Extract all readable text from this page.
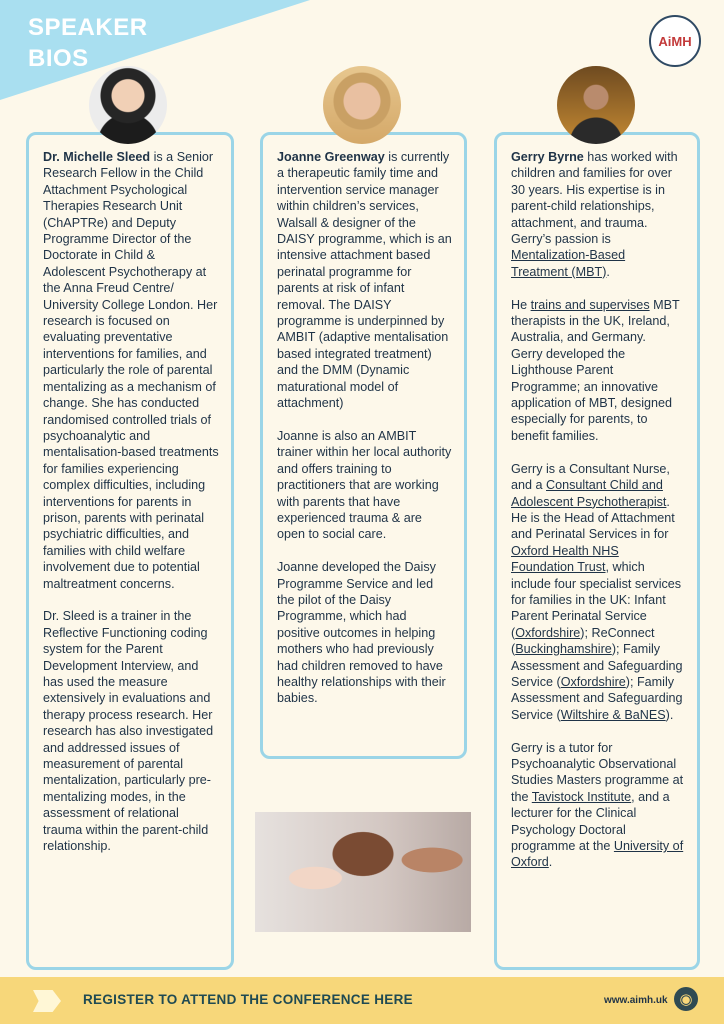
SPEAKER
BIOS
AiMH

Dr. Michelle Sleed is a Senior Research Fellow in the Child Attachment Psychological Therapies Research Unit (ChAPTRe) and Deputy Programme Director of the Doctorate in Child & Adolescent Psychotherapy at the Anna Freud Centre/ University College London. Her research is focused on evaluating preventative interventions for families, and particularly the role of parental mentalizing as a mechanism of change. She has conducted randomised controlled trials of psychoanalytic and mentalisation-based treatments for families experiencing complex difficulties, including interventions for parents in prison, parents with perinatal psychiatric difficulties, and families with child welfare involvement due to potential maltreatment concerns.

Dr. Sleed is a trainer in the Reflective Functioning coding system for the Parent Development Interview, and has used the measure extensively in evaluations and therapy process research. Her research has also investigated and addressed issues of measurement of parental mentalization, particularly pre-mentalizing modes, in the assessment of relational trauma within the parent-child relationship.

Joanne Greenway is currently a therapeutic family time and intervention service manager within children’s services, Walsall & designer of the DAISY programme, which is an intensive attachment based perinatal programme for parents at risk of infant removal. The DAISY programme is underpinned by AMBIT (adaptive mentalisation based integrated treatment) and the DMM (Dynamic maturational model of attachment)

Joanne is also an AMBIT trainer within her local authority and offers training to practitioners that are working with parents that have experienced trauma & are open to social care.

Joanne developed the Daisy Programme Service and led the pilot of the Daisy Programme, which had positive outcomes in helping mothers who had previously had children removed to have healthy relationships with their babies.

Gerry Byrne has worked with children and families for over 30 years. His expertise is in parent-child relationships, attachment, and trauma. Gerry’s passion is Mentalization-Based Treatment (MBT).

He trains and supervises MBT therapists in the UK, Ireland, Australia, and Germany.

Gerry developed the Lighthouse Parent Programme; an innovative application of MBT, designed especially for parents, to benefit families.

Gerry is a Consultant Nurse, and a Consultant Child and Adolescent Psychotherapist. He is the Head of Attachment and Perinatal Services in for Oxford Health NHS Foundation Trust, which include four specialist services for families in the UK: Infant Parent Perinatal Service (Oxfordshire); ReConnect (Buckinghamshire); Family Assessment and Safeguarding Service (Oxfordshire); Family Assessment and Safeguarding Service (Wiltshire & BaNES).

Gerry is a tutor for Psychoanalytic Observational Studies Masters programme at the Tavistock Institute, and a lecturer for the Clinical Psychology Doctoral programme at the University of Oxford.

REGISTER TO ATTEND THE CONFERENCE HERE	www.aimh.uk ◉
